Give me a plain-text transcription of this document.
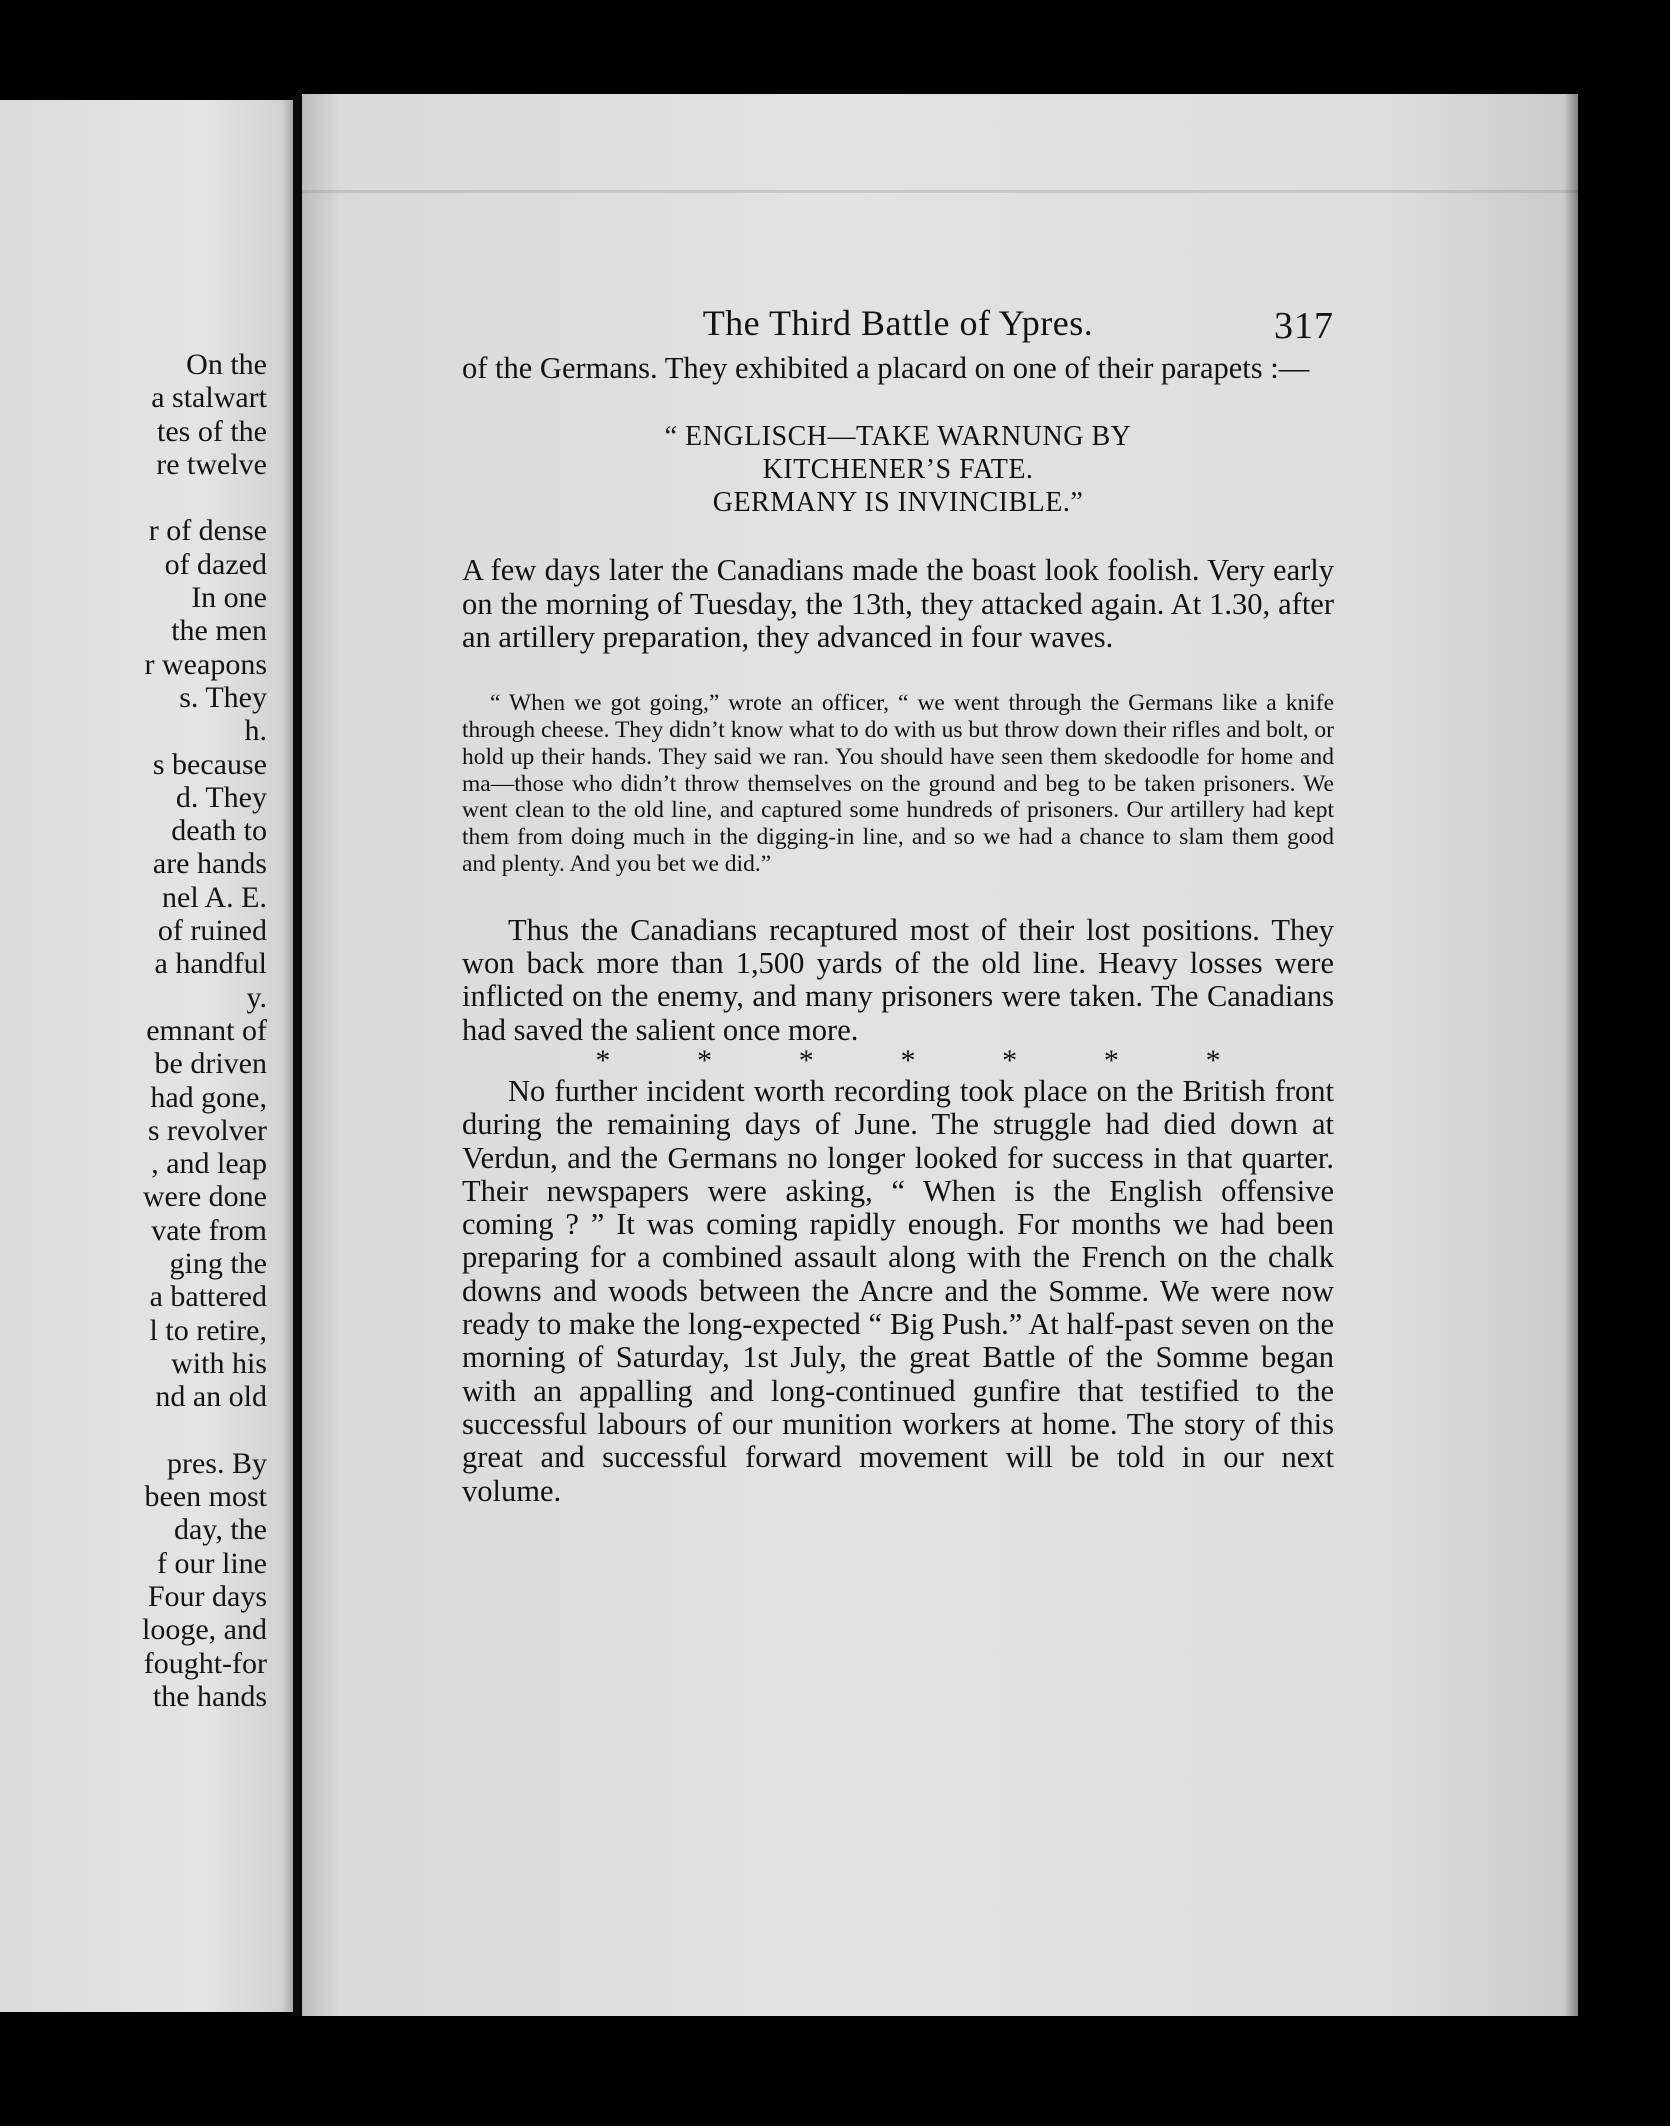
On the
a stalwart
tes of the
re twelve
r of dense
of dazed
In one
the men
r weapons
s. They
h.
s because
d. They
death to
are hands
nel A. E.
of ruined
a handful
y.
emnant of
be driven
had gone,
s revolver
, and leap
were done
vate from
ging the
a battered
l to retire,
with his
nd an old
pres. By
been most
day, the
f our line
Four days
looge, and
fought-for
the hands
The Third Battle of Ypres.	317

of the Germans. They exhibited a placard on one of their parapets :—

“ ENGLISCH—TAKE WARNUNG BY
KITCHENER’S FATE.
GERMANY IS INVINCIBLE.”

A few days later the Canadians made the boast look foolish. Very early on the morning of Tuesday, the 13th, they attacked again. At 1.30, after an artillery preparation, they advanced in four waves.

“ When we got going,” wrote an officer, “ we went through the Germans like a knife through cheese. They didn’t know what to do with us but throw down their rifles and bolt, or hold up their hands. They said we ran. You should have seen them skedoodle for home and ma—those who didn’t throw themselves on the ground and beg to be taken prisoners. We went clean to the old line, and captured some hundreds of prisoners. Our artillery had kept them from doing much in the digging-in line, and so we had a chance to slam them good and plenty. And you bet we did.”

Thus the Canadians recaptured most of their lost positions. They won back more than 1,500 yards of the old line. Heavy losses were inflicted on the enemy, and many prisoners were taken. The Canadians had saved the salient once more.

*	*	*	*	*	*	*

No further incident worth recording took place on the British front during the remaining days of June. The struggle had died down at Verdun, and the Germans no longer looked for success in that quarter. Their newspapers were asking, “ When is the English offensive coming ? ” It was coming rapidly enough. For months we had been preparing for a combined assault along with the French on the chalk downs and woods between the Ancre and the Somme. We were now ready to make the long-expected “ Big Push.” At half-past seven on the morning of Saturday, 1st July, the great Battle of the Somme began with an appalling and long-continued gunfire that testified to the successful labours of our munition workers at home. The story of this great and successful forward movement will be told in our next volume.
